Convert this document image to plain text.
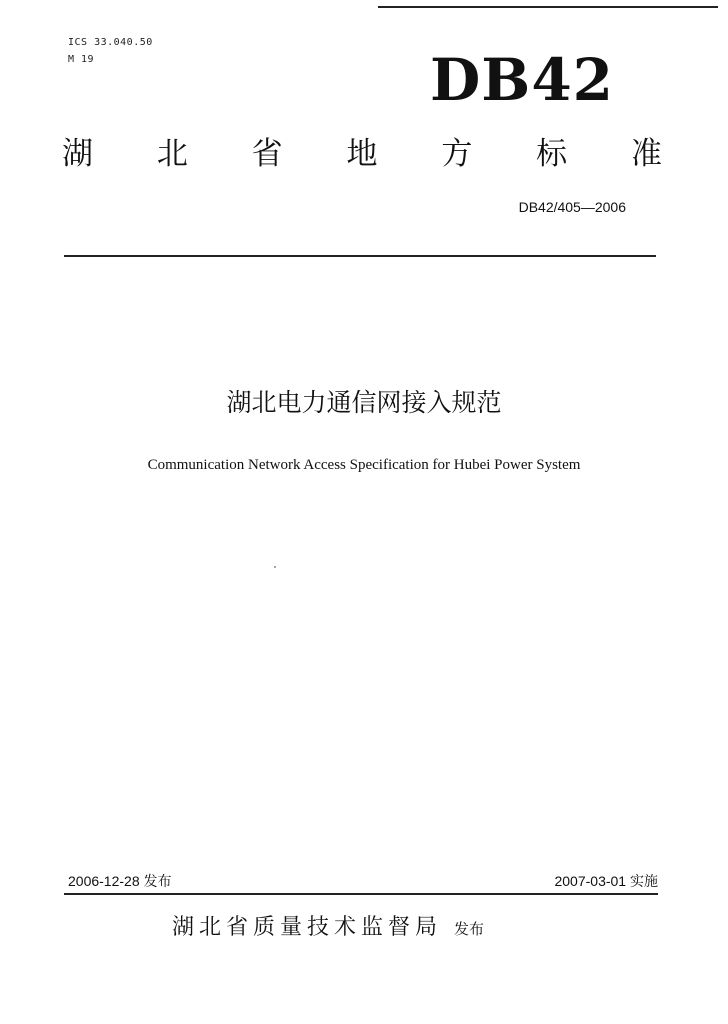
ICS 33.040.50
M 19	DB42
湖 北 省 地 方 标 准
DB42/405—2006
湖北电力通信网接入规范
Communication Network Access Specification for Hubei Power System
2006-12-28 发布	2007-03-01 实施
湖北省质量技术监督局 发布
